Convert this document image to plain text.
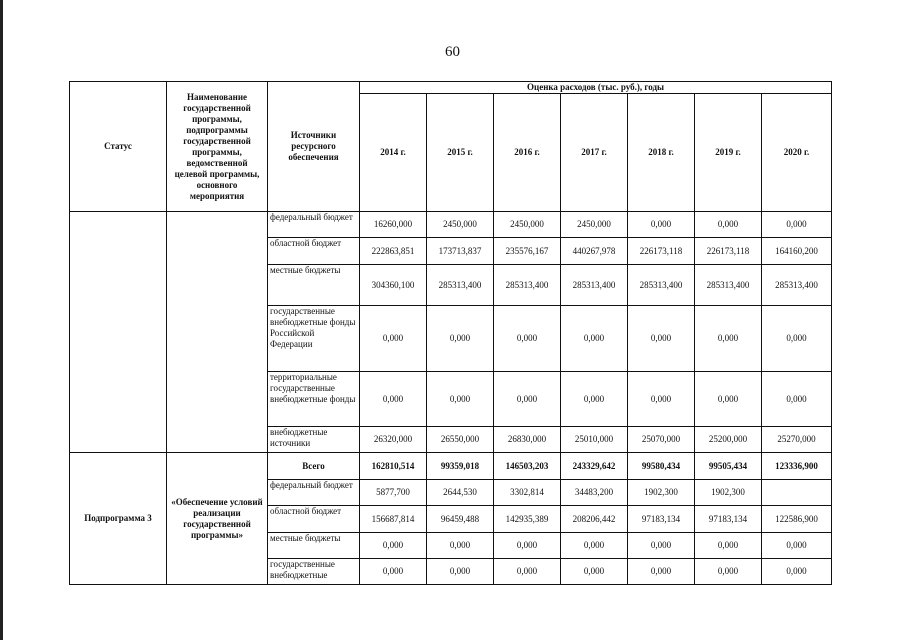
60
Статус	Наименование государственной программы, подпрограммы государственной программы, ведомственной целевой программы, основного мероприятия	Источники ресурсного обеспечения	Оценка расходов (тыс. руб.), годы						
			2014 г.	2015 г.	2016 г.	2017 г.	2018 г.	2019 г.	2020 г.
		федеральный бюджет	16260,000	2450,000	2450,000	2450,000	0,000	0,000	0,000
		областной бюджет	222863,851	173713,837	235576,167	440267,978	226173,118	226173,118	164160,200
		местные бюджеты	304360,100	285313,400	285313,400	285313,400	285313,400	285313,400	285313,400
		государственные внебюджетные фонды Российской Федерации	0,000	0,000	0,000	0,000	0,000	0,000	0,000
		территориальные государственные внебюджетные фонды	0,000	0,000	0,000	0,000	0,000	0,000	0,000
		внебюджетные источники	26320,000	26550,000	26830,000	25010,000	25070,000	25200,000	25270,000
Подпрограмма 3	«Обеспечение условий реализации государственной программы»	Всего	162810,514	99359,018	146503,203	243329,642	99580,434	99505,434	123336,900
		федеральный бюджет	5877,700	2644,530	3302,814	34483,200	1902,300	1902,300	
		областной бюджет	156687,814	96459,488	142935,389	208206,442	97183,134	97183,134	122586,900
		местные бюджеты	0,000	0,000	0,000	0,000	0,000	0,000	0,000
		государственные внебюджетные	0,000	0,000	0,000	0,000	0,000	0,000	0,000
